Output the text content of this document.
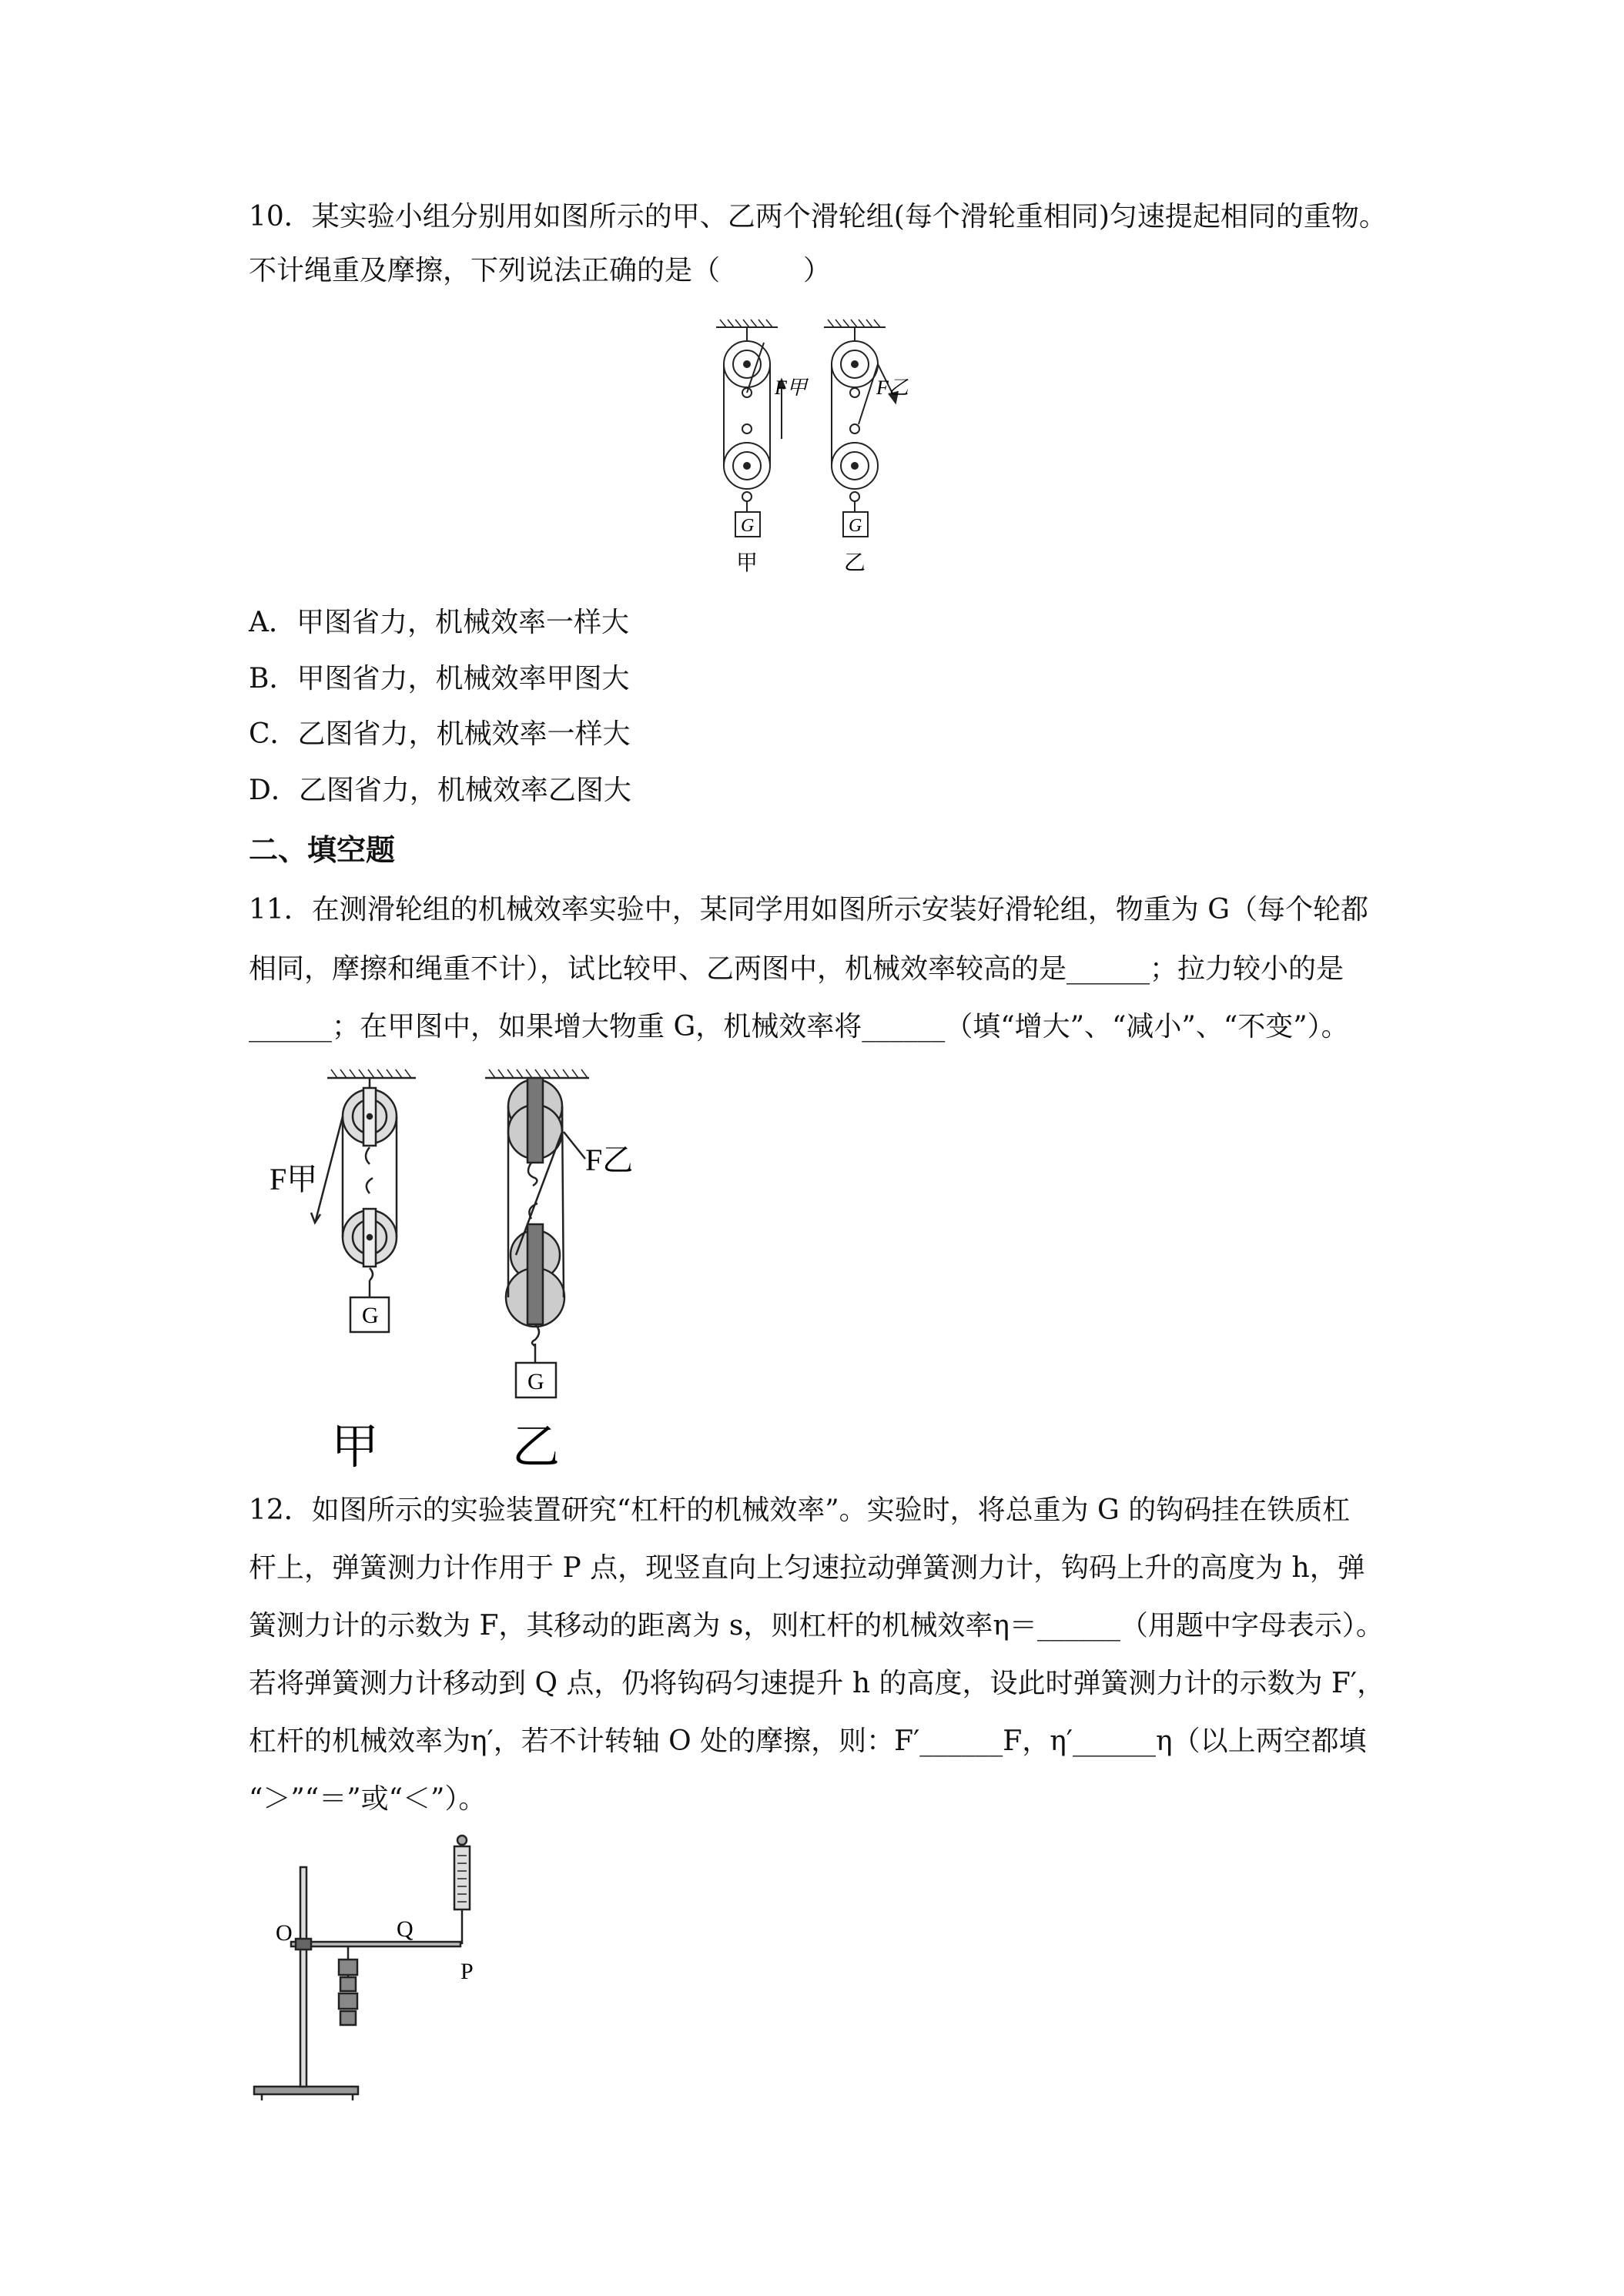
10．某实验小组分别用如图所示的甲、乙两个滑轮组(每个滑轮重相同)匀速提起相同的重物。
不计绳重及摩擦，下列说法正确的是（　　　）
F甲	F乙
G	G
甲	乙
A．甲图省力，机械效率一样大
B．甲图省力，机械效率甲图大
C．乙图省力，机械效率一样大
D．乙图省力，机械效率乙图大
二、填空题
11．在测滑轮组的机械效率实验中，某同学用如图所示安装好滑轮组，物重为 G（每个轮都
相同，摩擦和绳重不计），试比较甲、乙两图中，机械效率较高的是______；拉力较小的是
______；在甲图中，如果增大物重 G，机械效率将______（填“增大”、“减小”、“不变”）。
F甲
F乙
G
G
甲	乙
12．如图所示的实验装置研究“杠杆的机械效率”。实验时，将总重为 G 的钩码挂在铁质杠
杆上，弹簧测力计作用于 P 点，现竖直向上匀速拉动弹簧测力计，钩码上升的高度为 h，弹
簧测力计的示数为 F，其移动的距离为 s，则杠杆的机械效率η＝______（用题中字母表示）。
若将弹簧测力计移动到 Q 点，仍将钩码匀速提升 h 的高度，设此时弹簧测力计的示数为 F′，
杠杆的机械效率为η′，若不计转轴 O 处的摩擦，则：F′______F，η′______η（以上两空都填
“＞”“＝”或“＜”）。
O	Q
P
